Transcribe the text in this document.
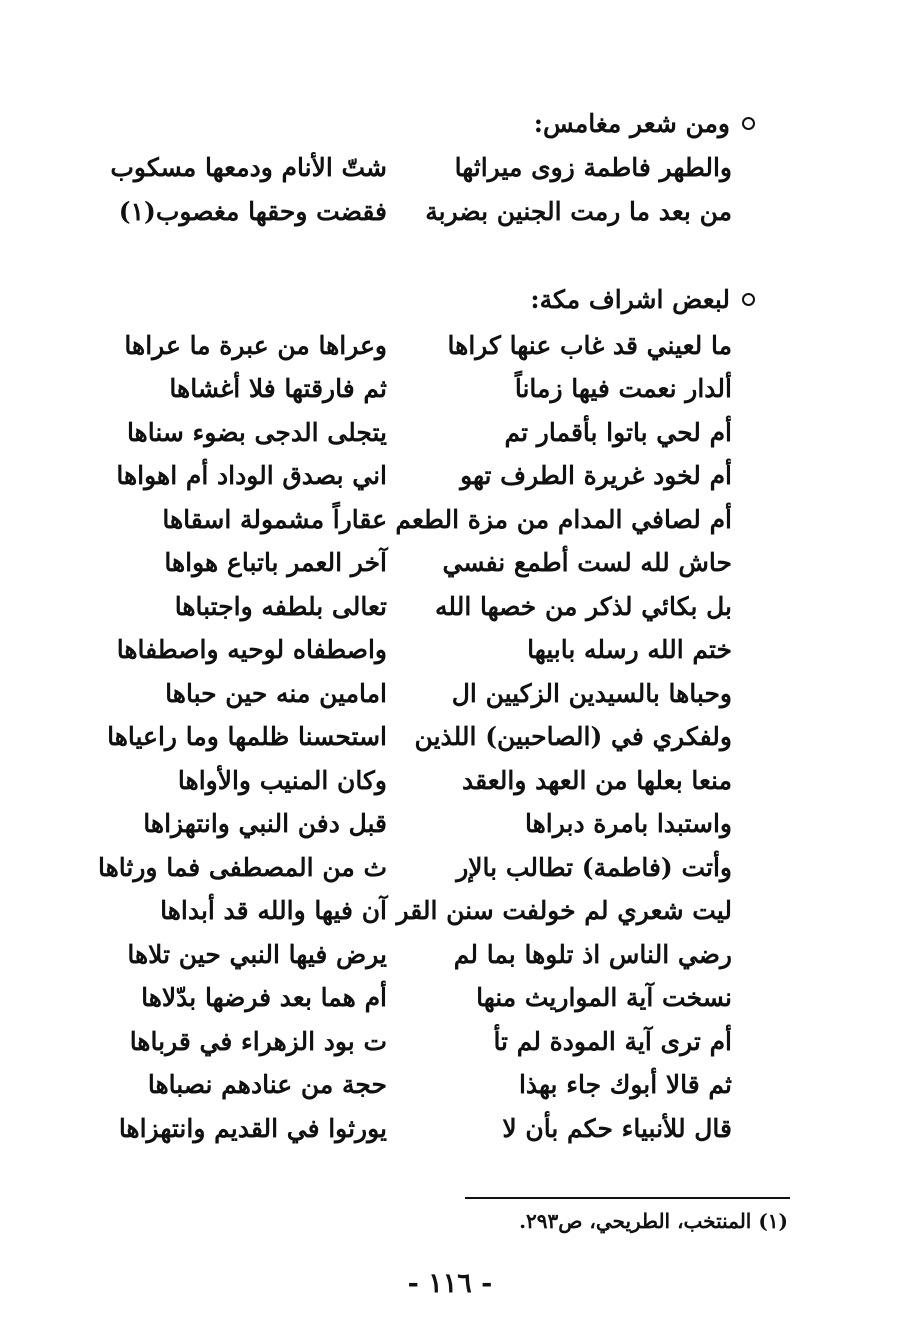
ومن شعر مغامس:
والطهر فاطمة زوى ميراثها
شتّ الأنام ودمعها مسكوب
من بعد ما رمت الجنين بضربة
فقضت وحقها مغصوب(١)
لبعض اشراف مكة:
ما لعيني قد غاب عنها كراها
وعراها من عبرة ما عراها
ألدار نعمت فيها زماناً
ثم فارقتها فلا أغشاها
أم لحي باتوا بأقمار تم
يتجلى الدجى بضوء سناها
أم لخود غريرة الطرف تهو
اني بصدق الوداد أم اهواها
أم لصافي المدام من مزة الطعم
عقاراً مشمولة اسقاها
حاش لله لست أطمع نفسي
آخر العمر باتباع هواها
بل بكائي لذكر من خصها الله
تعالى بلطفه واجتباها
ختم الله رسله بابيها
واصطفاه لوحيه واصطفاها
وحباها بالسيدين الزكيين ال
امامين منه حين حباها
ولفكري في (الصاحبين) اللذين
استحسنا ظلمها وما راعياها
منعا بعلها من العهد والعقد
وكان المنيب والأواها
واستبدا بامرة دبراها
قبل دفن النبي وانتهزاها
وأتت (فاطمة) تطالب بالإر
ث من المصطفى فما ورثاها
ليت شعري لم خولفت سنن القر
آن فيها والله قد أبداها
رضي الناس اذ تلوها بما لم
يرض فيها النبي حين تلاها
نسخت آية المواريث منها
أم هما بعد فرضها بدّلاها
أم ترى آية المودة لم تأ
ت بود الزهراء في قرباها
ثم قالا أبوك جاء بهذا
حجة من عنادهم نصباها
قال للأنبياء حكم بأن لا
يورثوا في القديم وانتهزاها
(١) المنتخب، الطريحي، ص٢٩٣.
- ١١٦ -
